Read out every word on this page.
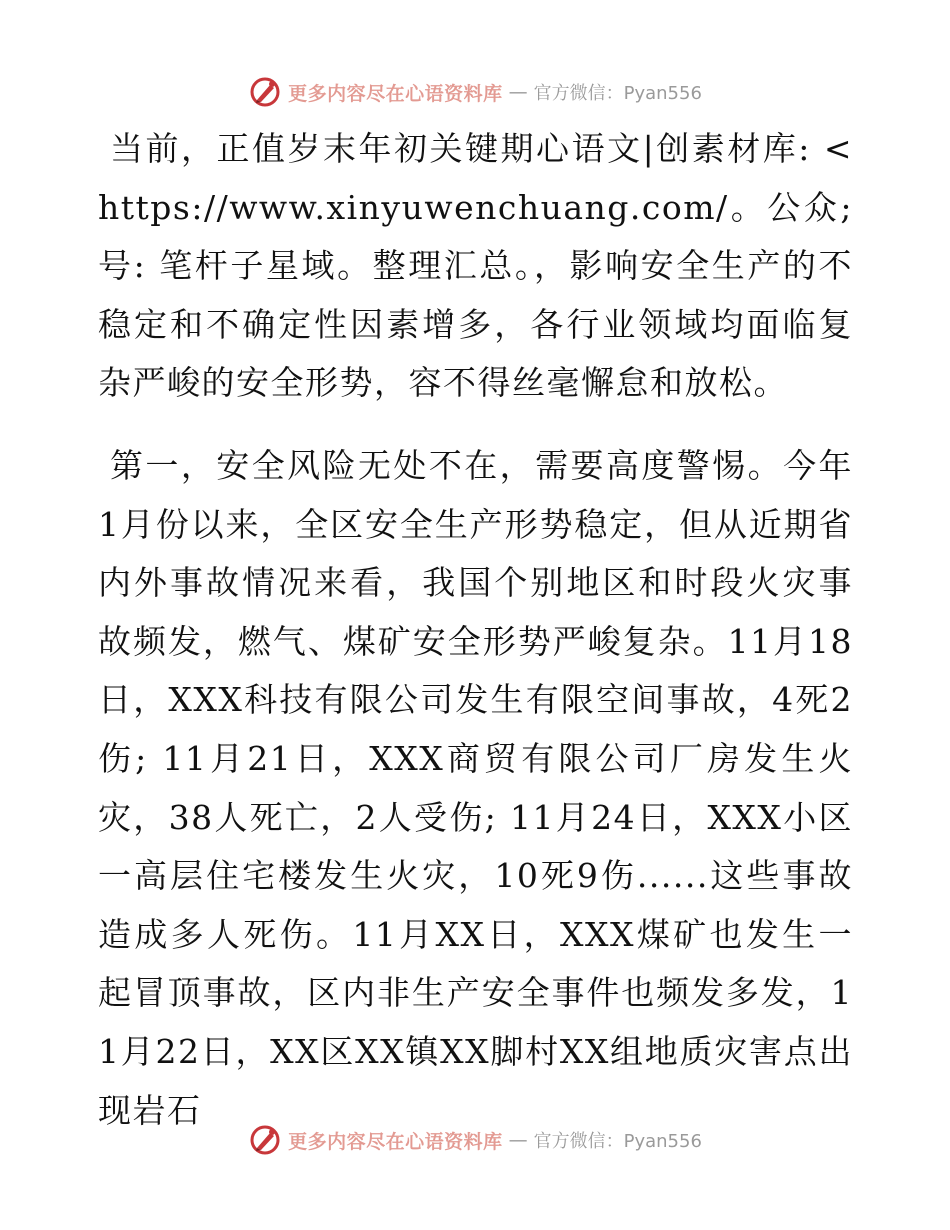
更多内容尽在心语资料库 — 官方微信：Pyan556

当前，正值岁末年初关键期心语文|创素材库: <https://www.xinyuwenchuang.com/。公众;号: 笔杆子星域。整理汇总。，影响安全生产的不稳定和不确定性因素增多，各行业领域均面临复杂严峻的安全形势，容不得丝毫懈怠和放松。

第一，安全风险无处不在，需要高度警惕。今年1月份以来，全区安全生产形势稳定，但从近期省内外事故情况来看，我国个别地区和时段火灾事故频发，燃气、煤矿安全形势严峻复杂。11月18日，XXX科技有限公司发生有限空间事故，4死2伤; 11月21日，XXX商贸有限公司厂房发生火灾，38人死亡，2人受伤; 11月24日，XXX小区一高层住宅楼发生火灾，10死9伤......这些事故造成多人死伤。11月XX日，XXX煤矿也发生一起冒顶事故，区内非生产安全事件也频发多发，11月22日，XX区XX镇XX脚村XX组地质灾害点出现岩石

更多内容尽在心语资料库 — 官方微信：Pyan556
